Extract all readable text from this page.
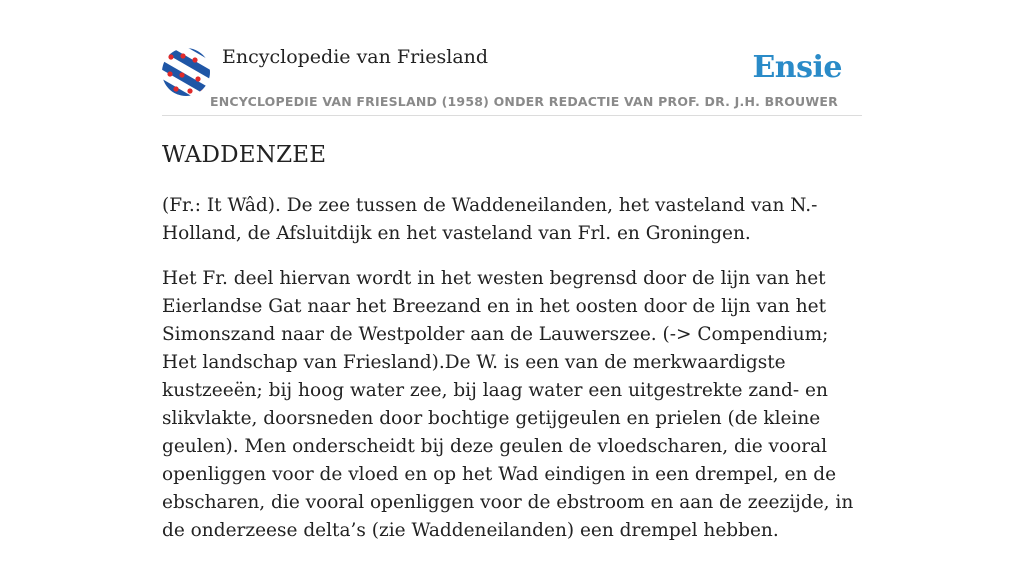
Encyclopedie van Friesland
ENCYCLOPEDIE VAN FRIESLAND (1958) ONDER REDACTIE VAN PROF. DR. J.H. BROUWER
Ensie
WADDENZEE

(Fr.: It Wâd). De zee tussen de Waddeneilanden, het vasteland van N.-Holland, de Afsluitdijk en het vasteland van Frl. en Groningen.

Het Fr. deel hiervan wordt in het westen begrensd door de lijn van het Eierlandse Gat naar het Breezand en in het oosten door de lijn van het Simonszand naar de Westpolder aan de Lauwerszee. (-> Compendium; Het landschap van Friesland).De W. is een van de merkwaardigste kustzeeën; bij hoog water zee, bij laag water een uitgestrekte zand- en slikvlakte, doorsneden door bochtige getijgeulen en prielen (de kleine geulen). Men onderscheidt bij deze geulen de vloedscharen, die vooral openliggen voor de vloed en op het Wad eindigen in een drempel, en de ebscharen, die vooral openliggen voor de ebstroom en aan de zeezijde, in de onderzeese delta’s (zie Waddeneilanden) een drempel hebben.
